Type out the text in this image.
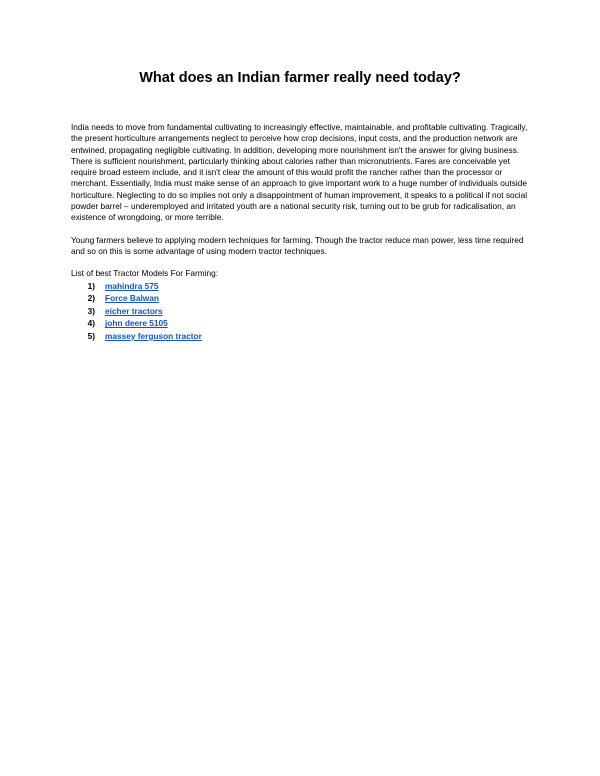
What does an Indian farmer really need today?

India needs to move from fundamental cultivating to increasingly effective, maintainable, and profitable cultivating. Tragically, the present horticulture arrangements neglect to perceive how crop decisions, input costs, and the production network are entwined, propagating negligible cultivating. In addition, developing more nourishment isn't the answer for giving business. There is sufficient nourishment, particularly thinking about calories rather than micronutrients. Fares are conceivable yet require broad esteem include, and it isn't clear the amount of this would profit the rancher rather than the processor or merchant. Essentially, India must make sense of an approach to give important work to a huge number of individuals outside horticulture. Neglecting to do so implies not only a disappointment of human improvement, it speaks to a political if not social powder barrel – underemployed and irritated youth are a national security risk, turning out to be grub for radicalisation, an existence of wrongdoing, or more terrible.

Young farmers believe to applying modern techniques for farming. Though the tractor reduce man power, less time required and so on this is some advantage of using modern tractor techniques.

List of best Tractor Models For Farming:
1)	mahindra 575
2)	Force Balwan
3)	eicher tractors
4)	john deere 5105
5)	massey ferguson tractor
